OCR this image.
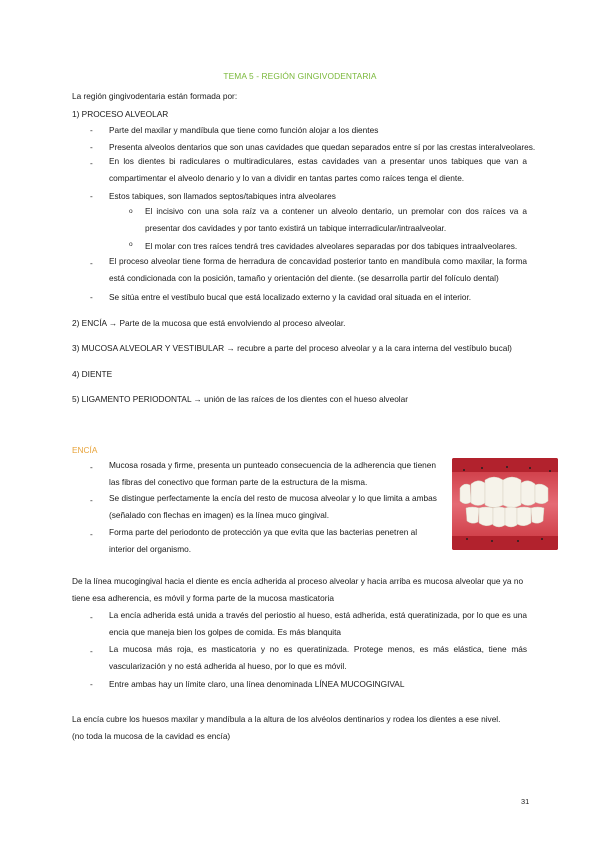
TEMA 5 - REGIÓN GINGIVODENTARIA
La región gingivodentaria están formada por:
1) PROCESO ALVEOLAR
- Parte del maxilar y mandíbula que tiene como función alojar a los dientes
- Presenta alveolos dentarios que son unas cavidades que quedan separados entre sí por las crestas interalveolares.
- En los dientes bi radiculares o multiradiculares, estas cavidades van a presentar unos tabiques que van a compartimentar el alveolo denario y lo van a dividir en tantas partes como raíces tenga el diente.
- Estos tabiques, son llamados septos/tabiques intra alveolares
o El incisivo con una sola raíz va a contener un alveolo dentario, un premolar con dos raíces va a presentar dos cavidades y por tanto existirá un tabique interradicular/intraalveolar.
o El molar con tres raíces tendrá tres cavidades alveolares separadas por dos tabiques intraalveolares.
- El proceso alveolar tiene forma de herradura de concavidad posterior tanto en mandíbula como maxilar, la forma está condicionada con la posición, tamaño y orientación del diente. (se desarrolla partir del folículo dental)
- Se sitúa entre el vestíbulo bucal que está localizado externo y la cavidad oral situada en el interior.
2) ENCÍA → Parte de la mucosa que está envolviendo al proceso alveolar.
3) MUCOSA ALVEOLAR Y VESTIBULAR → recubre a parte del proceso alveolar y a la cara interna del vestíbulo bucal)
4) DIENTE
5) LIGAMENTO PERIODONTAL → unión de las raíces de los dientes con el hueso alveolar
ENCÍA
- Mucosa rosada y firme, presenta un punteado consecuencia de la adherencia que tienen las fibras del conectivo que forman parte de la estructura de la misma.
- Se distingue perfectamente la encía del resto de mucosa alveolar y lo que limita a ambas (señalado con flechas en imagen) es la línea muco gingival.
- Forma parte del periodonto de protección ya que evita que las bacterias penetren al interior del organismo.
De la línea mucogingival hacia el diente es encía adherida al proceso alveolar y hacia arriba es mucosa alveolar que ya no tiene esa adherencia, es móvil y forma parte de la mucosa masticatoria
- La encía adherida está unida a través del periostio al hueso, está adherida, está queratinizada, por lo que es una encia que maneja bien los golpes de comida. Es más blanquita
- La mucosa más roja, es masticatoria y no es queratinizada. Protege menos, es más elástica, tiene más vascularización y no está adherida al hueso, por lo que es móvil.
- Entre ambas hay un límite claro, una línea denominada LÍNEA MUCOGINGIVAL
La encía cubre los huesos maxilar y mandíbula a la altura de los alvéolos dentinarios y rodea los dientes a ese nivel.
(no toda la mucosa de la cavidad es encía)
31
